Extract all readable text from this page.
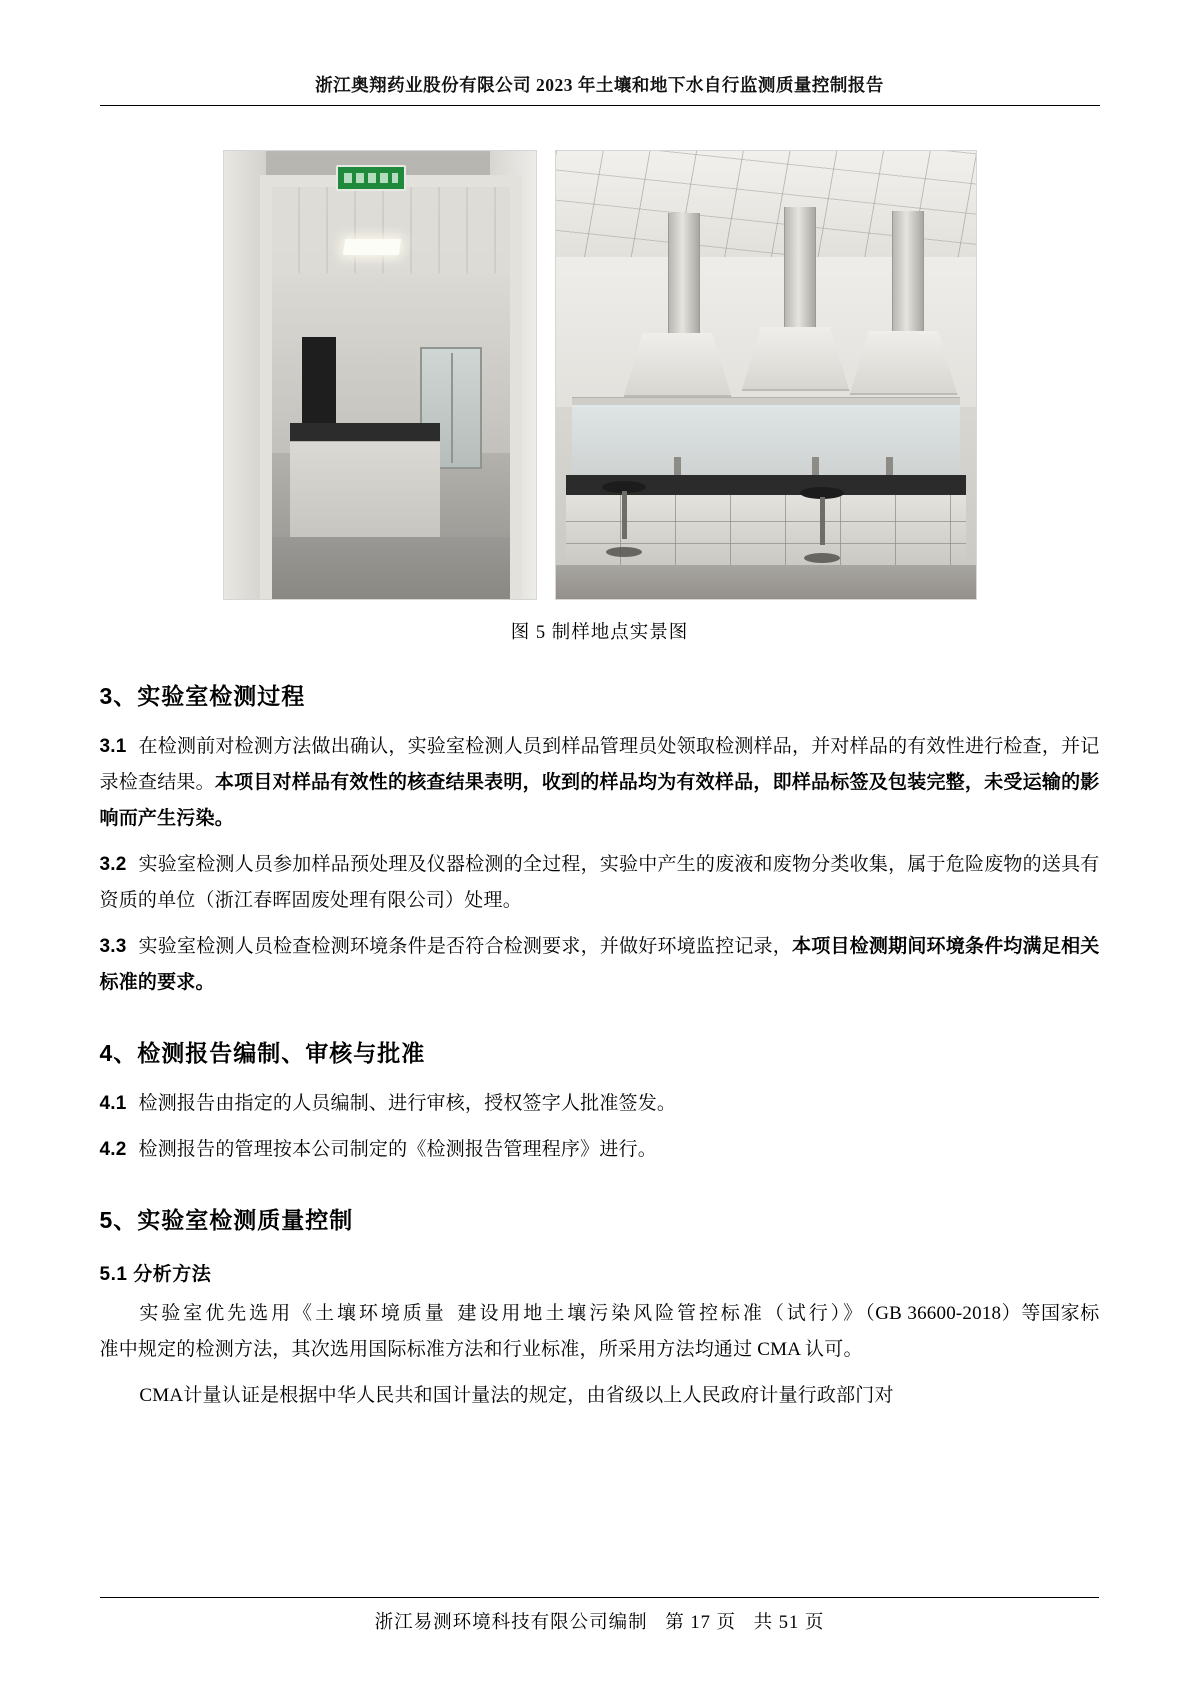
浙江奥翔药业股份有限公司 2023 年土壤和地下水自行监测质量控制报告
图 5 制样地点实景图
3、实验室检测过程

3.1 在检测前对检测方法做出确认，实验室检测人员到样品管理员处领取检测样品，并对样品的有效性进行检查，并记录检查结果。本项目对样品有效性的核查结果表明，收到的样品均为有效样品，即样品标签及包装完整，未受运输的影响而产生污染。

3.2 实验室检测人员参加样品预处理及仪器检测的全过程，实验中产生的废液和废物分类收集，属于危险废物的送具有资质的单位（浙江春晖固废处理有限公司）处理。

3.3 实验室检测人员检查检测环境条件是否符合检测要求，并做好环境监控记录，本项目检测期间环境条件均满足相关标准的要求。

4、检测报告编制、审核与批准

4.1 检测报告由指定的人员编制、进行审核，授权签字人批准签发。

4.2 检测报告的管理按本公司制定的《检测报告管理程序》进行。

5、实验室检测质量控制
5.1 分析方法

实验室优先选用《土壤环境质量 建设用地土壤污染风险管控标准（试行）》（GB 36600-2018）等国家标准中规定的检测方法，其次选用国际标准方法和行业标准，所采用方法均通过 CMA 认可。

CMA计量认证是根据中华人民共和国计量法的规定，由省级以上人民政府计量行政部门对

浙江易测环境科技有限公司编制 第 17 页 共 51 页
